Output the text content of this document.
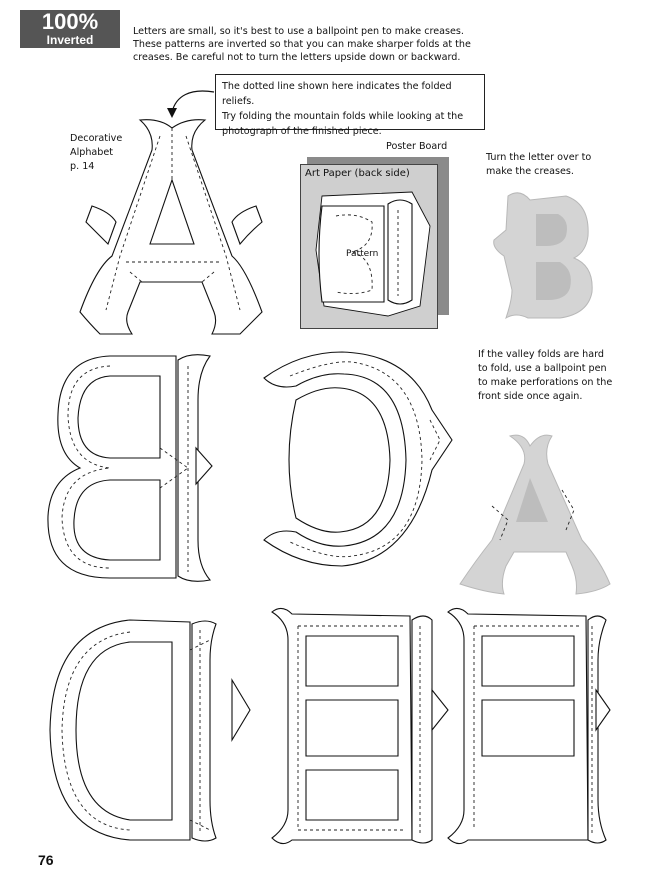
100%
Inverted
Letters are small, so it's best to use a ballpoint pen to make creases.
These patterns are inverted so that you can make sharper folds at the
creases. Be careful not to turn the letters upside down or backward.
The dotted line shown here indicates the folded reliefs.
Try folding the mountain folds while looking at the
photograph of the finished piece.
Decorative
Alphabet
p. 14
Poster Board
Art Paper (back side)
Pattern
Turn the letter over to
make the creases.
If the valley folds are hard
to fold, use a ballpoint pen
to make perforations on the
front side once again.
76
